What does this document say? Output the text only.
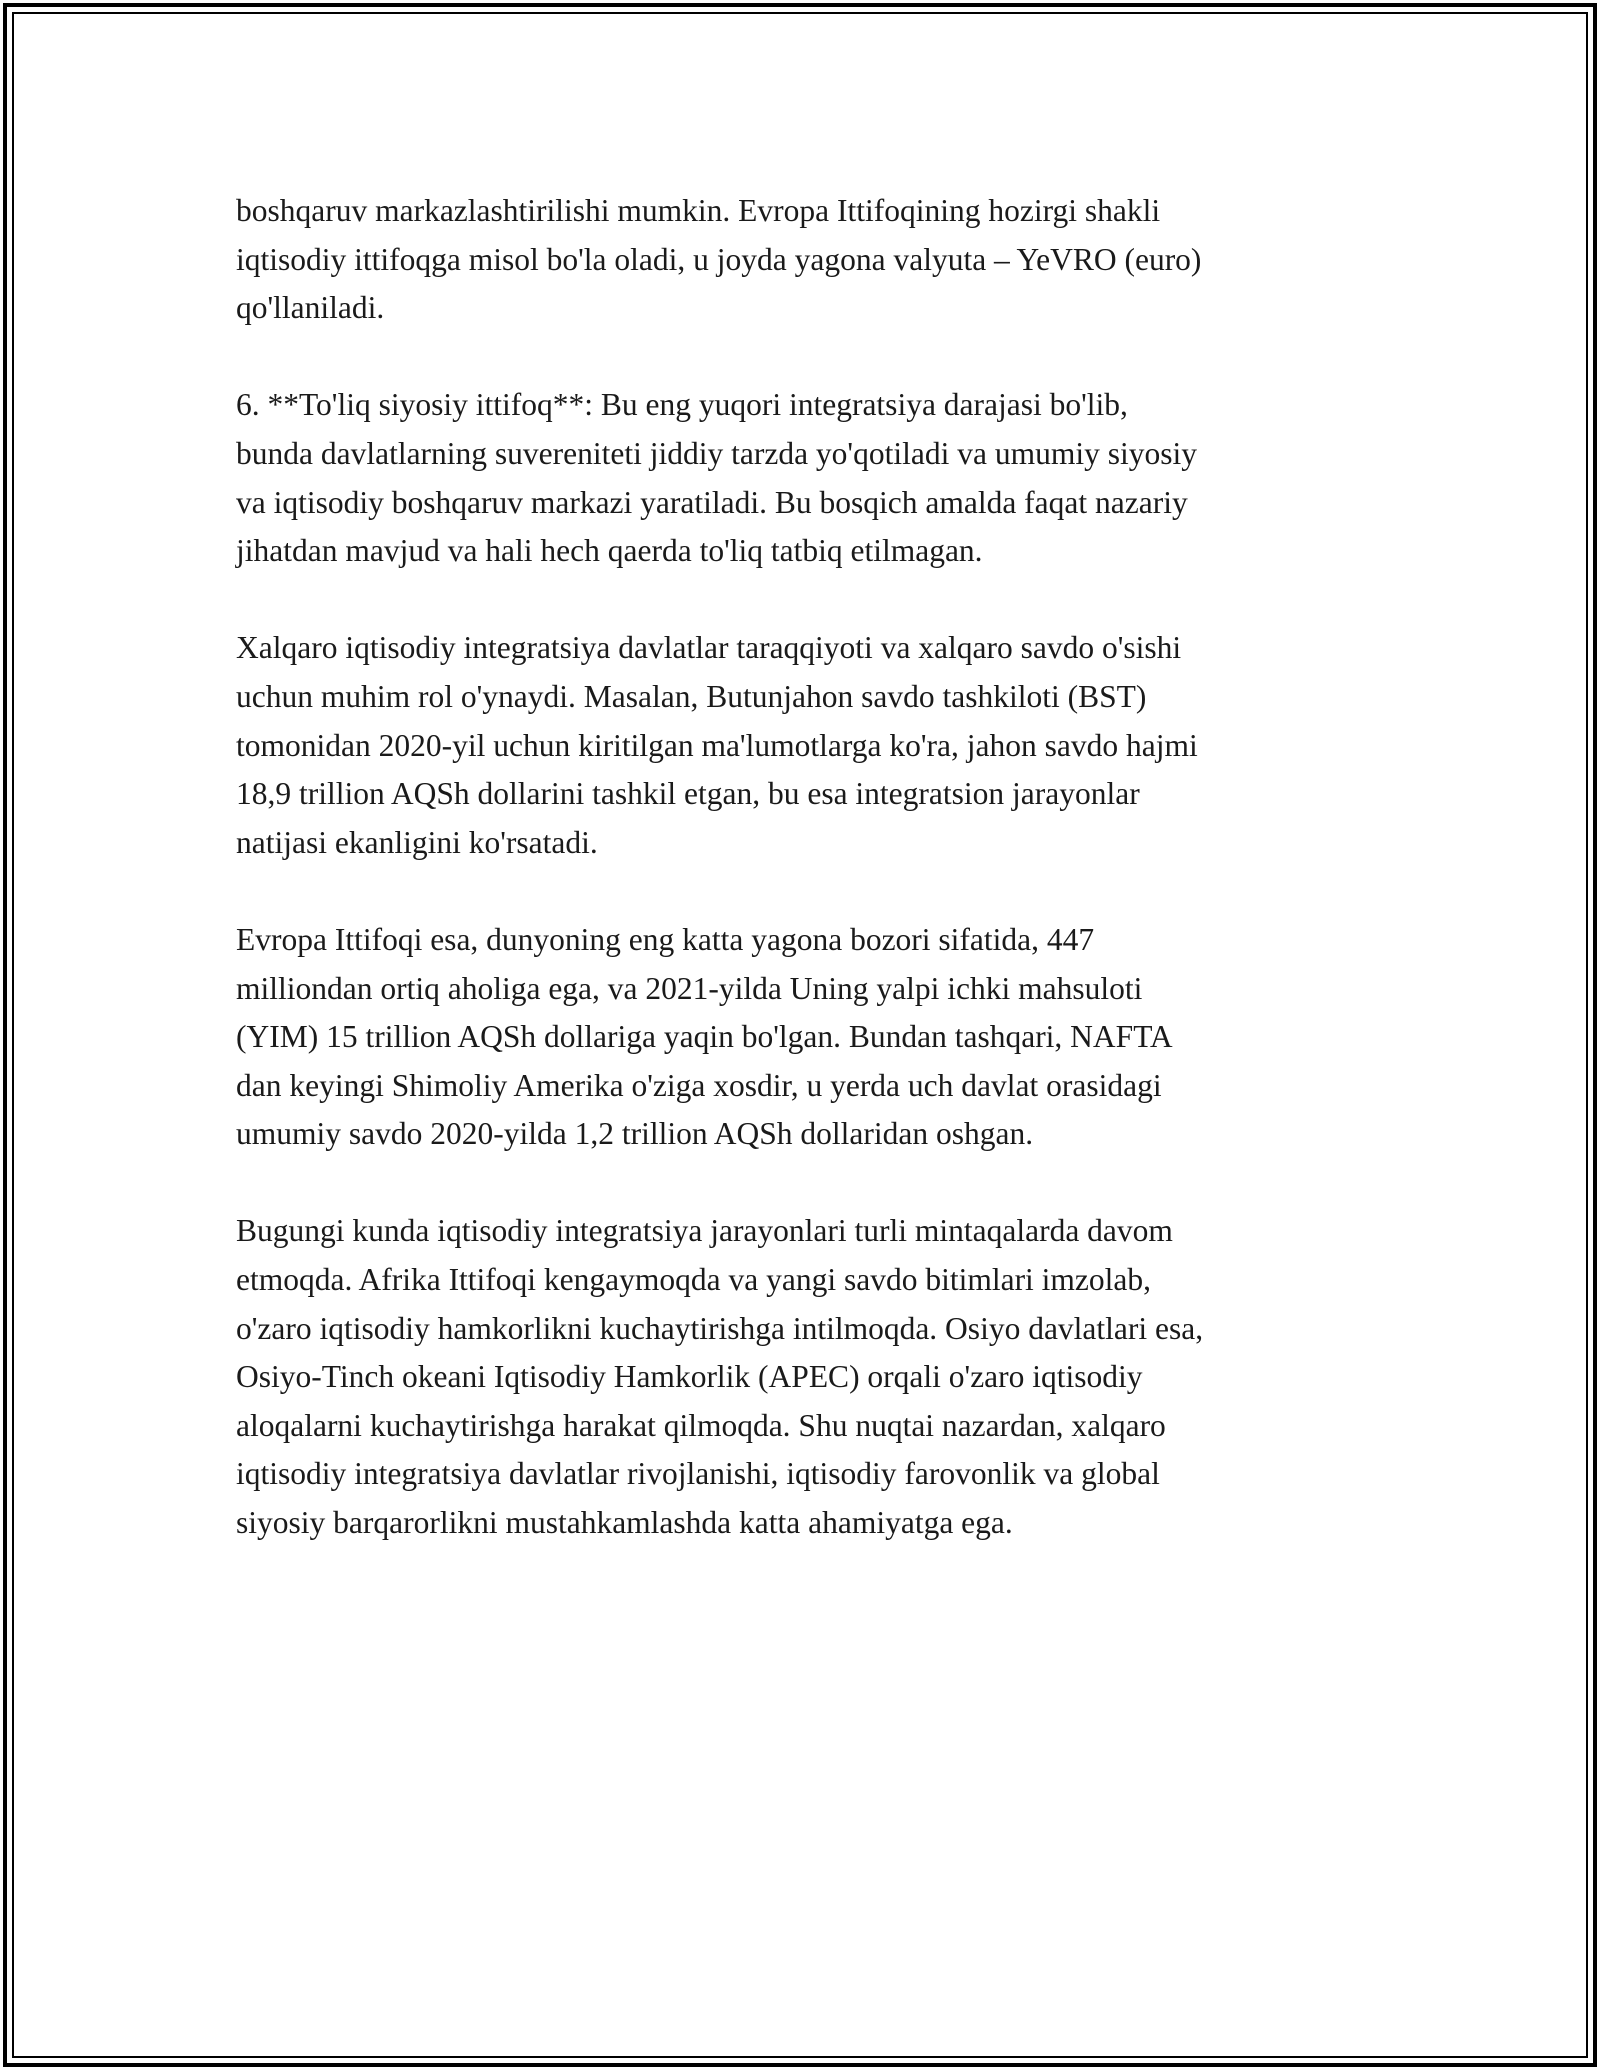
boshqaruv markazlashtirilishi mumkin. Evropa Ittifoqining hozirgi shakli
iqtisodiy ittifoqga misol bo'la oladi, u joyda yagona valyuta – YeVRO (euro)
qo'llaniladi.

6. **To'liq siyosiy ittifoq**: Bu eng yuqori integratsiya darajasi bo'lib,
bunda davlatlarning suvereniteti jiddiy tarzda yo'qotiladi va umumiy siyosiy
va iqtisodiy boshqaruv markazi yaratiladi. Bu bosqich amalda faqat nazariy
jihatdan mavjud va hali hech qaerda to'liq tatbiq etilmagan.

Xalqaro iqtisodiy integratsiya davlatlar taraqqiyoti va xalqaro savdo o'sishi
uchun muhim rol o'ynaydi. Masalan, Butunjahon savdo tashkiloti (BST)
tomonidan 2020-yil uchun kiritilgan ma'lumotlarga ko'ra, jahon savdo hajmi
18,9 trillion AQSh dollarini tashkil etgan, bu esa integratsion jarayonlar
natijasi ekanligini ko'rsatadi.

Evropa Ittifoqi esa, dunyoning eng katta yagona bozori sifatida, 447
milliondan ortiq aholiga ega, va 2021-yilda Uning yalpi ichki mahsuloti
(YIM) 15 trillion AQSh dollariga yaqin bo'lgan. Bundan tashqari, NAFTA
dan keyingi Shimoliy Amerika o'ziga xosdir, u yerda uch davlat orasidagi
umumiy savdo 2020-yilda 1,2 trillion AQSh dollaridan oshgan.

Bugungi kunda iqtisodiy integratsiya jarayonlari turli mintaqalarda davom
etmoqda. Afrika Ittifoqi kengaymoqda va yangi savdo bitimlari imzolab,
o'zaro iqtisodiy hamkorlikni kuchaytirishga intilmoqda. Osiyo davlatlari esa,
Osiyo-Tinch okeani Iqtisodiy Hamkorlik (APEC) orqali o'zaro iqtisodiy
aloqalarni kuchaytirishga harakat qilmoqda. Shu nuqtai nazardan, xalqaro
iqtisodiy integratsiya davlatlar rivojlanishi, iqtisodiy farovonlik va global
siyosiy barqarorlikni mustahkamlashda katta ahamiyatga ega.
